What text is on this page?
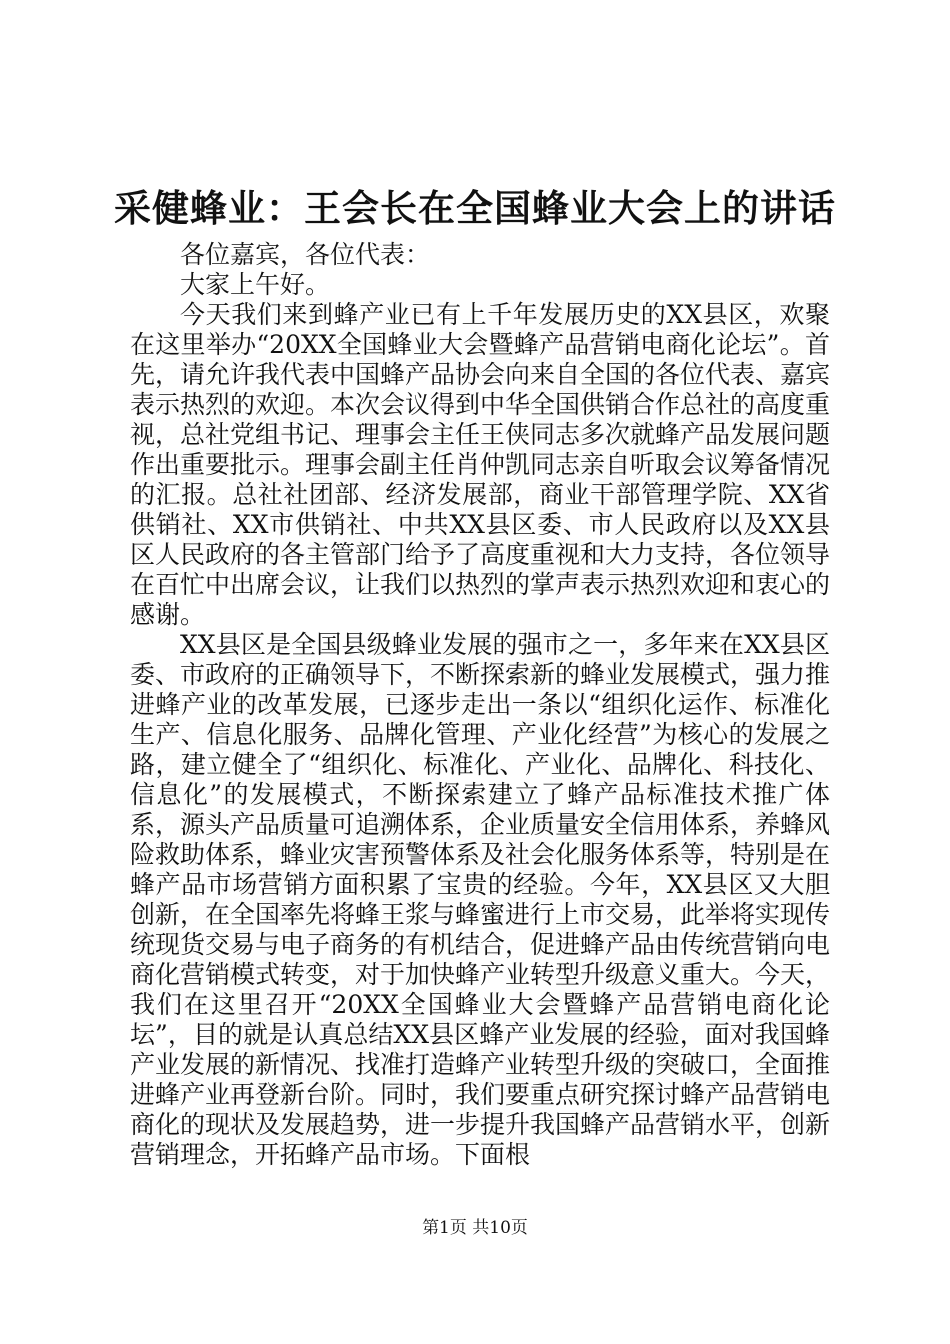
采健蜂业：王会长在全国蜂业大会上的讲话

各位嘉宾，各位代表：

大家上午好。

今天我们来到蜂产业已有上千年发展历史的XX县区，欢聚在这里举办“20XX全国蜂业大会暨蜂产品营销电商化论坛”。首先，请允许我代表中国蜂产品协会向来自全国的各位代表、嘉宾表示热烈的欢迎。本次会议得到中华全国供销合作总社的高度重视，总社党组书记、理事会主任王侠同志多次就蜂产品发展问题作出重要批示。理事会副主任肖仲凯同志亲自听取会议筹备情况的汇报。总社社团部、经济发展部，商业干部管理学院、XX省供销社、XX市供销社、中共XX县区委、市人民政府以及XX县区人民政府的各主管部门给予了高度重视和大力支持，各位领导在百忙中出席会议，让我们以热烈的掌声表示热烈欢迎和衷心的感谢。

XX县区是全国县级蜂业发展的强市之一，多年来在XX县区委、市政府的正确领导下，不断探索新的蜂业发展模式，强力推进蜂产业的改革发展，已逐步走出一条以“组织化运作、标准化生产、信息化服务、品牌化管理、产业化经营”为核心的发展之路，建立健全了“组织化、标准化、产业化、品牌化、科技化、信息化”的发展模式，不断探索建立了蜂产品标准技术推广体系，源头产品质量可追溯体系，企业质量安全信用体系，养蜂风险救助体系，蜂业灾害预警体系及社会化服务体系等，特别是在蜂产品市场营销方面积累了宝贵的经验。今年，XX县区又大胆创新，在全国率先将蜂王浆与蜂蜜进行上市交易，此举将实现传统现货交易与电子商务的有机结合，促进蜂产品由传统营销向电商化营销模式转变，对于加快蜂产业转型升级意义重大。今天，我们在这里召开“20XX全国蜂业大会暨蜂产品营销电商化论坛”，目的就是认真总结XX县区蜂产业发展的经验，面对我国蜂产业发展的新情况、找准打造蜂产业转型升级的突破口，全面推进蜂产业再登新台阶。同时，我们要重点研究探讨蜂产品营销电商化的现状及发展趋势，进一步提升我国蜂产品营销水平，创新营销理念，开拓蜂产品市场。下面根

第1页 共10页
